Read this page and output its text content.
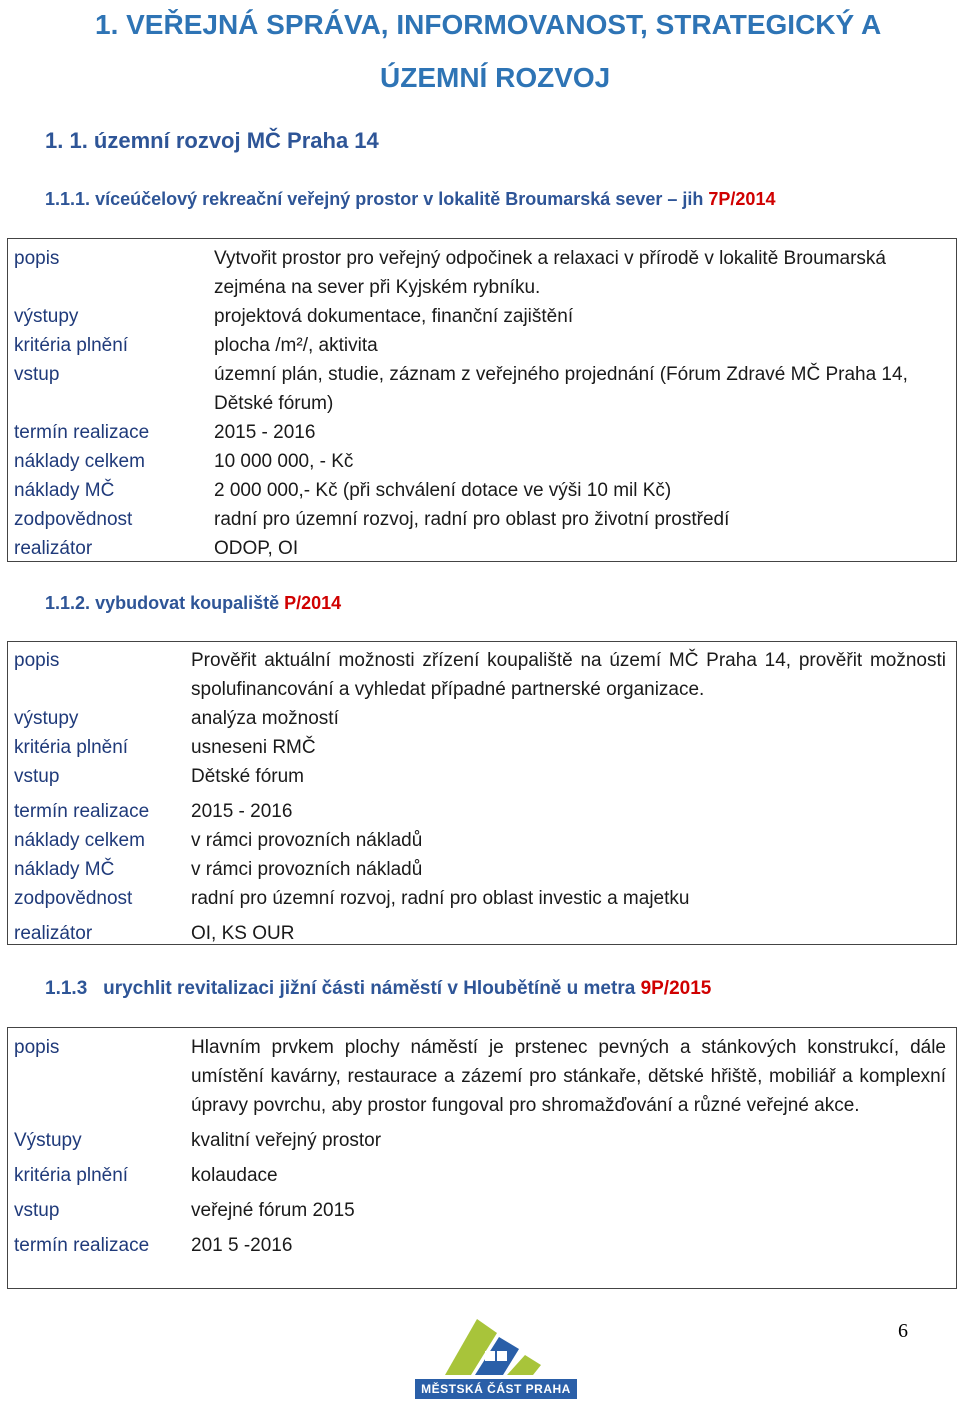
1. VEŘEJNÁ SPRÁVA, INFORMOVANOST, STRATEGICKÝ A
ÚZEMNÍ ROZVOJ
1. 1. územní rozvoj MČ Praha 14
1.1.1. víceúčelový rekreační veřejný prostor v lokalitě Broumarská sever – jih 7P/2014
popis	Vytvořit prostor pro veřejný odpočinek a relaxaci v přírodě v lokalitě Broumarská zejména na sever při Kyjském rybníku.
výstupy	projektová dokumentace, finanční zajištění
kritéria plnění	plocha /m²/, aktivita
vstup	územní plán, studie, záznam z veřejného projednání (Fórum Zdravé MČ Praha 14, Dětské fórum)
termín realizace	2015 - 2016
náklady celkem	10 000 000, - Kč
náklady MČ	2 000 000,- Kč (při schválení dotace ve výši 10 mil Kč)
zodpovědnost	radní pro územní rozvoj, radní pro oblast pro životní prostředí
realizátor	ODOP, OI
1.1.2. vybudovat koupaliště P/2014
popis	Prověřit aktuální možnosti zřízení koupaliště na území MČ Praha 14, prověřit možnosti spolufinancování a vyhledat případné partnerské organizace.
výstupy	analýza možností
kritéria plnění	usneseni RMČ
vstup	Dětské fórum
termín realizace	2015 - 2016
náklady celkem	v rámci provozních nákladů
náklady MČ	v rámci provozních nákladů
zodpovědnost	radní pro územní rozvoj, radní pro oblast investic a majetku
realizátor	OI, KS OUR
1.1.3 urychlit revitalizaci jižní části náměstí v Hloubětíně u metra 9P/2015
popis	Hlavním prvkem plochy náměstí je prstenec pevných a stánkových konstrukcí, dále umístění kavárny, restaurace a zázemí pro stánkaře, dětské hřiště, mobiliář a komplexní úpravy povrchu, aby prostor fungoval pro shromažďování a různé veřejné akce.
Výstupy	kvalitní veřejný prostor
kritéria plnění	kolaudace
vstup	veřejné fórum 2015
termín realizace	201 5 -2016
MĚSTSKÁ ČÁST PRAHA 14
6
